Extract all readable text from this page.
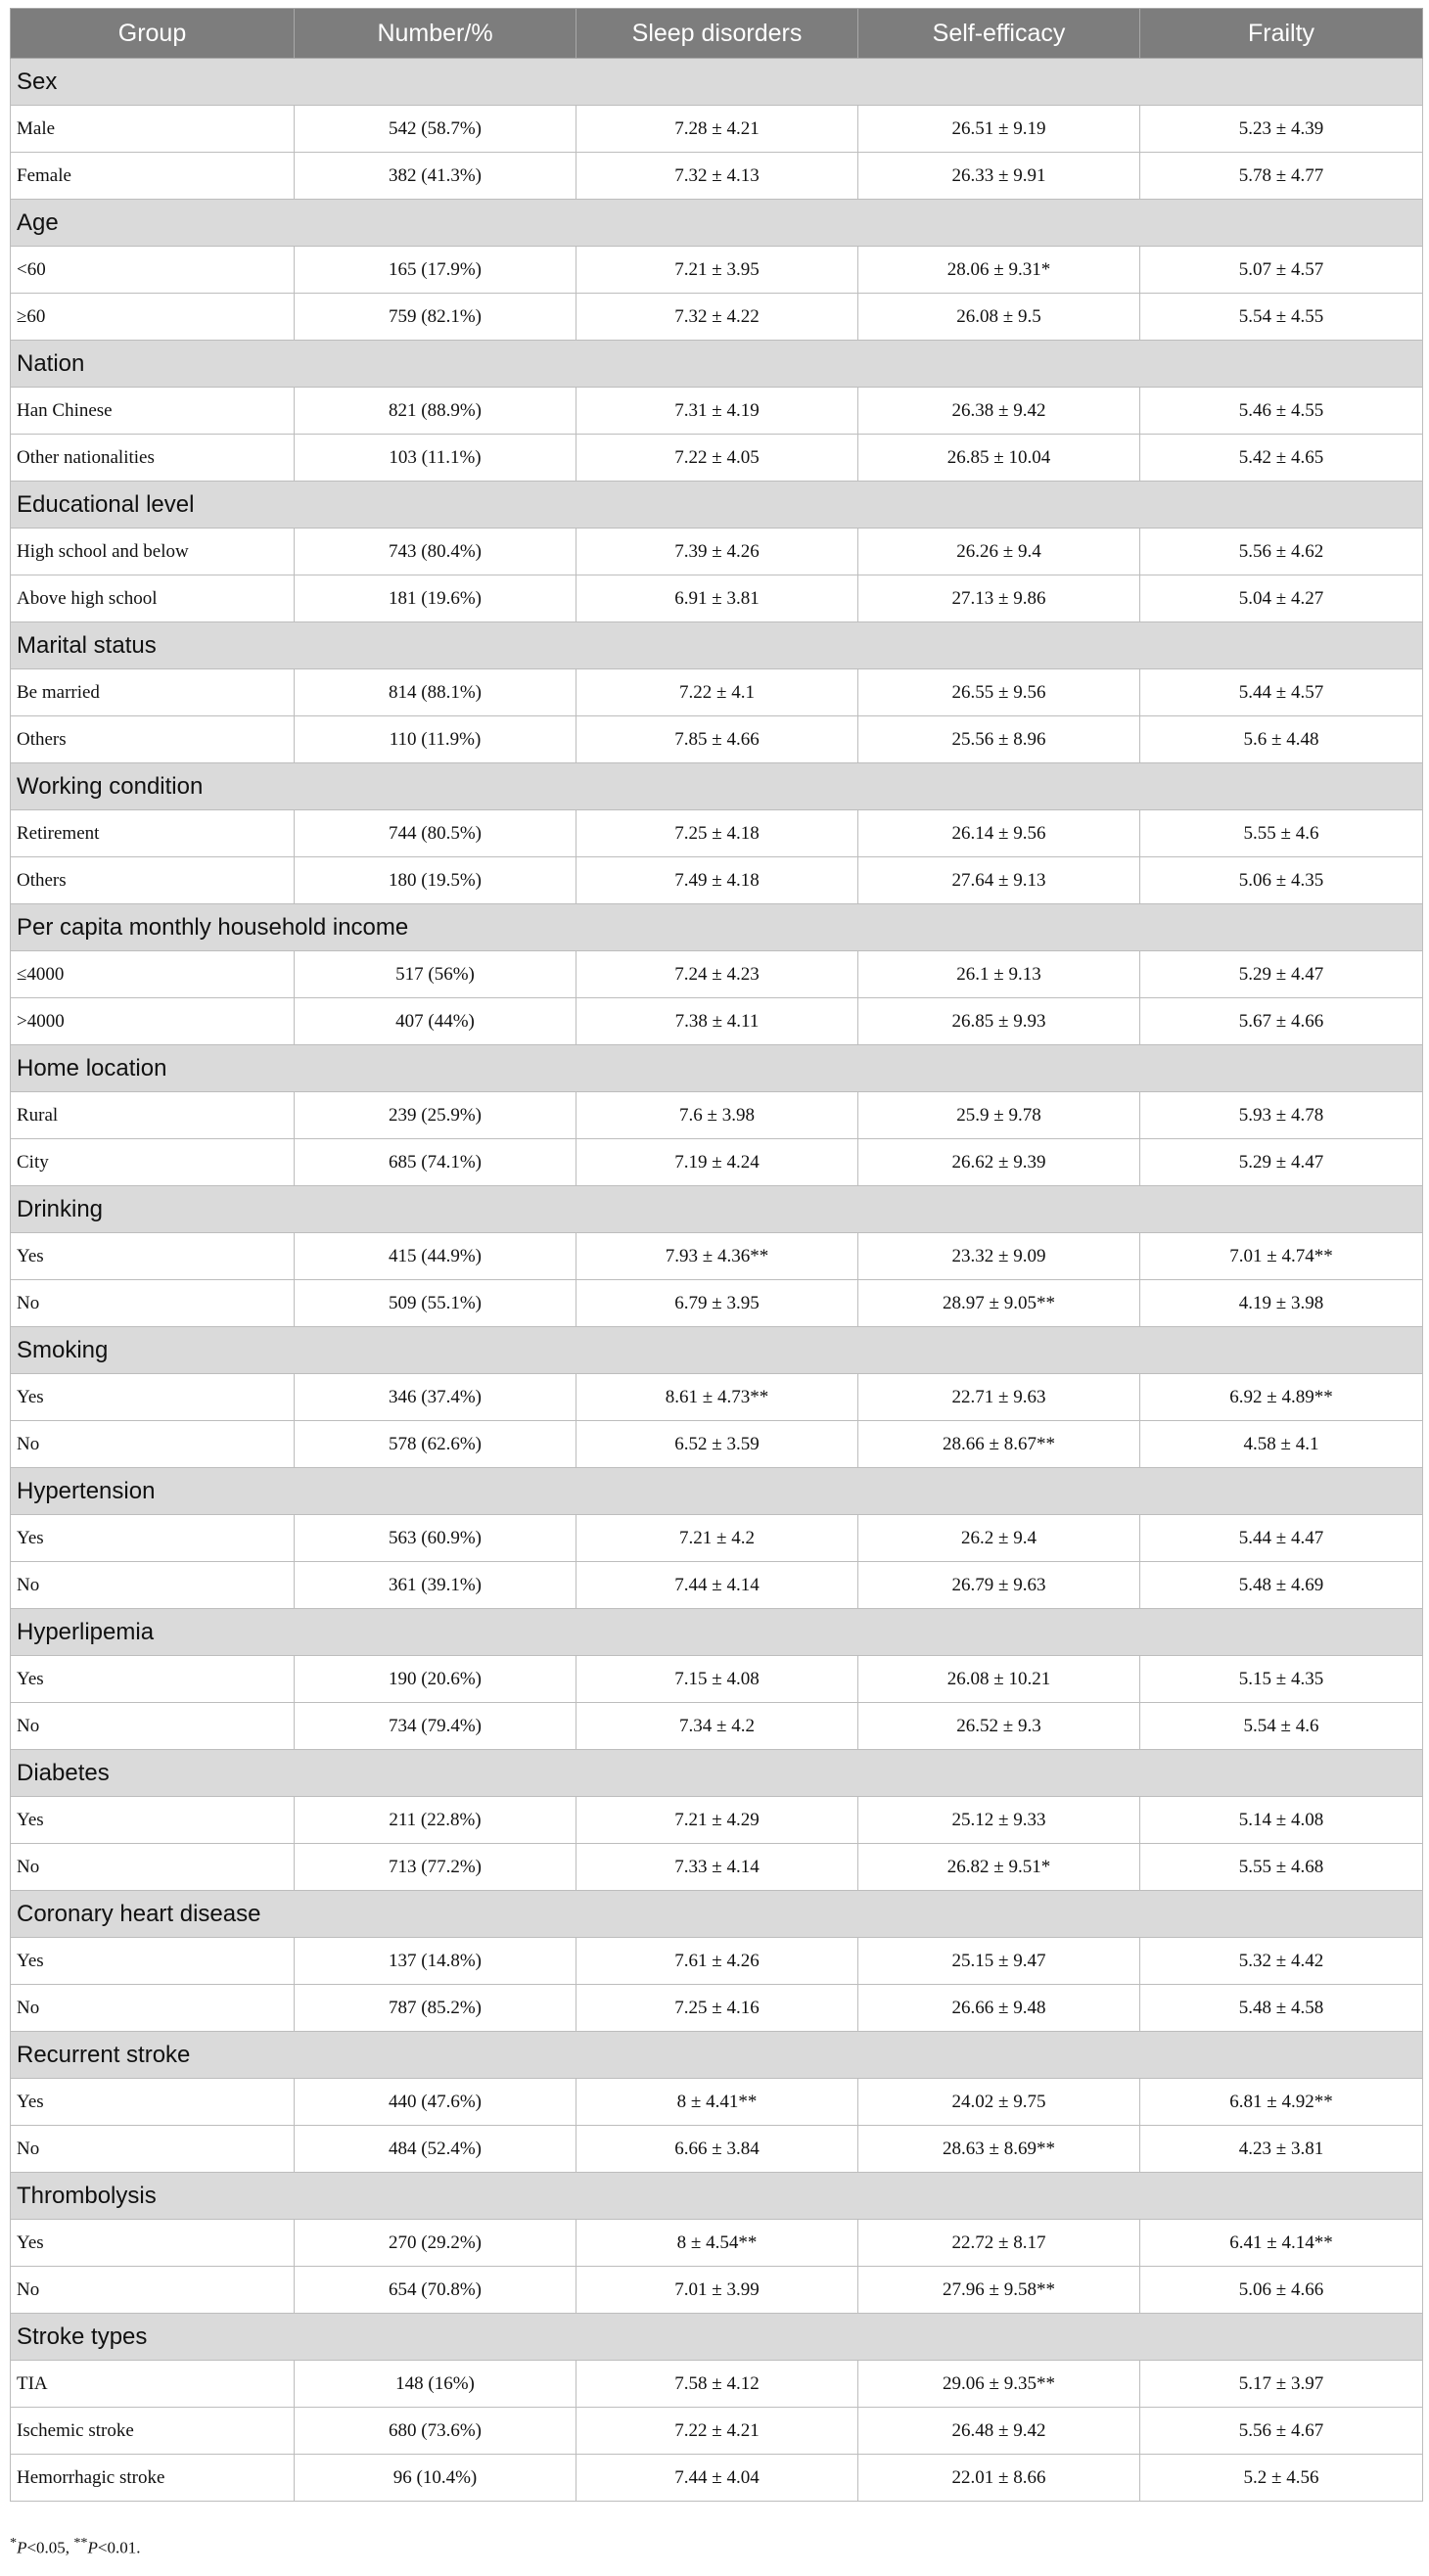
Group	Number/%	Sleep disorders	Self-efficacy	Frailty
Sex				
Male	542 (58.7%)	7.28 ± 4.21	26.51 ± 9.19	5.23 ± 4.39
Female	382 (41.3%)	7.32 ± 4.13	26.33 ± 9.91	5.78 ± 4.77
Age				
<60	165 (17.9%)	7.21 ± 3.95	28.06 ± 9.31*	5.07 ± 4.57
≥60	759 (82.1%)	7.32 ± 4.22	26.08 ± 9.5	5.54 ± 4.55
Nation				
Han Chinese	821 (88.9%)	7.31 ± 4.19	26.38 ± 9.42	5.46 ± 4.55
Other nationalities	103 (11.1%)	7.22 ± 4.05	26.85 ± 10.04	5.42 ± 4.65
Educational level				
High school and below	743 (80.4%)	7.39 ± 4.26	26.26 ± 9.4	5.56 ± 4.62
Above high school	181 (19.6%)	6.91 ± 3.81	27.13 ± 9.86	5.04 ± 4.27
Marital status				
Be married	814 (88.1%)	7.22 ± 4.1	26.55 ± 9.56	5.44 ± 4.57
Others	110 (11.9%)	7.85 ± 4.66	25.56 ± 8.96	5.6 ± 4.48
Working condition				
Retirement	744 (80.5%)	7.25 ± 4.18	26.14 ± 9.56	5.55 ± 4.6
Others	180 (19.5%)	7.49 ± 4.18	27.64 ± 9.13	5.06 ± 4.35
Per capita monthly household income				
≤4000	517 (56%)	7.24 ± 4.23	26.1 ± 9.13	5.29 ± 4.47
>4000	407 (44%)	7.38 ± 4.11	26.85 ± 9.93	5.67 ± 4.66
Home location				
Rural	239 (25.9%)	7.6 ± 3.98	25.9 ± 9.78	5.93 ± 4.78
City	685 (74.1%)	7.19 ± 4.24	26.62 ± 9.39	5.29 ± 4.47
Drinking				
Yes	415 (44.9%)	7.93 ± 4.36**	23.32 ± 9.09	7.01 ± 4.74**
No	509 (55.1%)	6.79 ± 3.95	28.97 ± 9.05**	4.19 ± 3.98
Smoking				
Yes	346 (37.4%)	8.61 ± 4.73**	22.71 ± 9.63	6.92 ± 4.89**
No	578 (62.6%)	6.52 ± 3.59	28.66 ± 8.67**	4.58 ± 4.1
Hypertension				
Yes	563 (60.9%)	7.21 ± 4.2	26.2 ± 9.4	5.44 ± 4.47
No	361 (39.1%)	7.44 ± 4.14	26.79 ± 9.63	5.48 ± 4.69
Hyperlipemia				
Yes	190 (20.6%)	7.15 ± 4.08	26.08 ± 10.21	5.15 ± 4.35
No	734 (79.4%)	7.34 ± 4.2	26.52 ± 9.3	5.54 ± 4.6
Diabetes				
Yes	211 (22.8%)	7.21 ± 4.29	25.12 ± 9.33	5.14 ± 4.08
No	713 (77.2%)	7.33 ± 4.14	26.82 ± 9.51*	5.55 ± 4.68
Coronary heart disease				
Yes	137 (14.8%)	7.61 ± 4.26	25.15 ± 9.47	5.32 ± 4.42
No	787 (85.2%)	7.25 ± 4.16	26.66 ± 9.48	5.48 ± 4.58
Recurrent stroke				
Yes	440 (47.6%)	8 ± 4.41**	24.02 ± 9.75	6.81 ± 4.92**
No	484 (52.4%)	6.66 ± 3.84	28.63 ± 8.69**	4.23 ± 3.81
Thrombolysis				
Yes	270 (29.2%)	8 ± 4.54**	22.72 ± 8.17	6.41 ± 4.14**
No	654 (70.8%)	7.01 ± 3.99	27.96 ± 9.58**	5.06 ± 4.66
Stroke types				
TIA	148 (16%)	7.58 ± 4.12	29.06 ± 9.35**	5.17 ± 3.97
Ischemic stroke	680 (73.6%)	7.22 ± 4.21	26.48 ± 9.42	5.56 ± 4.67
Hemorrhagic stroke	96 (10.4%)	7.44 ± 4.04	22.01 ± 8.66	5.2 ± 4.56
*P<0.05, **P<0.01.
